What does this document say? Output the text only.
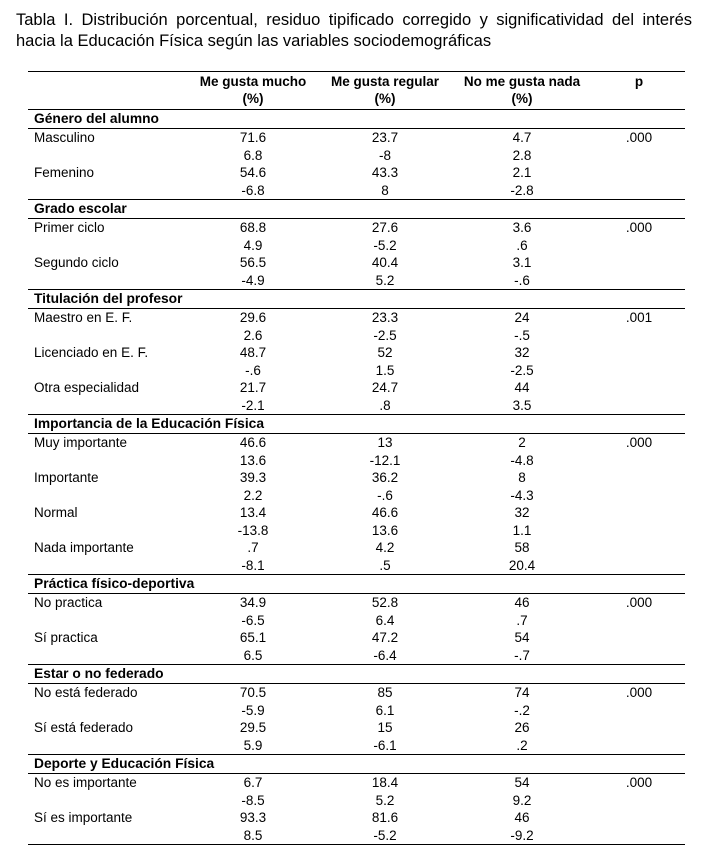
Tabla I. Distribución porcentual, residuo tipificado corregido y significatividad del interés hacia la Educación Física según las variables sociodemográficas
	Me gusta mucho	Me gusta regular	No me gusta nada	p
	(%)	(%)	(%)	
Género del alumno				
Masculino	71.6	23.7	4.7	.000
	6.8	-8	2.8	
Femenino	54.6	43.3	2.1	
	-6.8	8	-2.8	
Grado escolar				
Primer ciclo	68.8	27.6	3.6	.000
	4.9	-5.2	.6	
Segundo ciclo	56.5	40.4	3.1	
	-4.9	5.2	-.6	
Titulación del profesor				
Maestro en E. F.	29.6	23.3	24	.001
	2.6	-2.5	-.5	
Licenciado en E. F.	48.7	52	32	
	-.6	1.5	-2.5	
Otra especialidad	21.7	24.7	44	
	-2.1	.8	3.5	
Importancia de la Educación Física				
Muy importante	46.6	13	2	.000
	13.6	-12.1	-4.8	
Importante	39.3	36.2	8	
	2.2	-.6	-4.3	
Normal	13.4	46.6	32	
	-13.8	13.6	1.1	
Nada importante	.7	4.2	58	
	-8.1	.5	20.4	
Práctica físico-deportiva				
No practica	34.9	52.8	46	.000
	-6.5	6.4	.7	
Sí practica	65.1	47.2	54	
	6.5	-6.4	-.7	
Estar o no federado				
No está federado	70.5	85	74	.000
	-5.9	6.1	-.2	
Sí está federado	29.5	15	26	
	5.9	-6.1	.2	
Deporte y Educación Física				
No es importante	6.7	18.4	54	.000
	-8.5	5.2	9.2	
Sí es importante	93.3	81.6	46	
	8.5	-5.2	-9.2	
